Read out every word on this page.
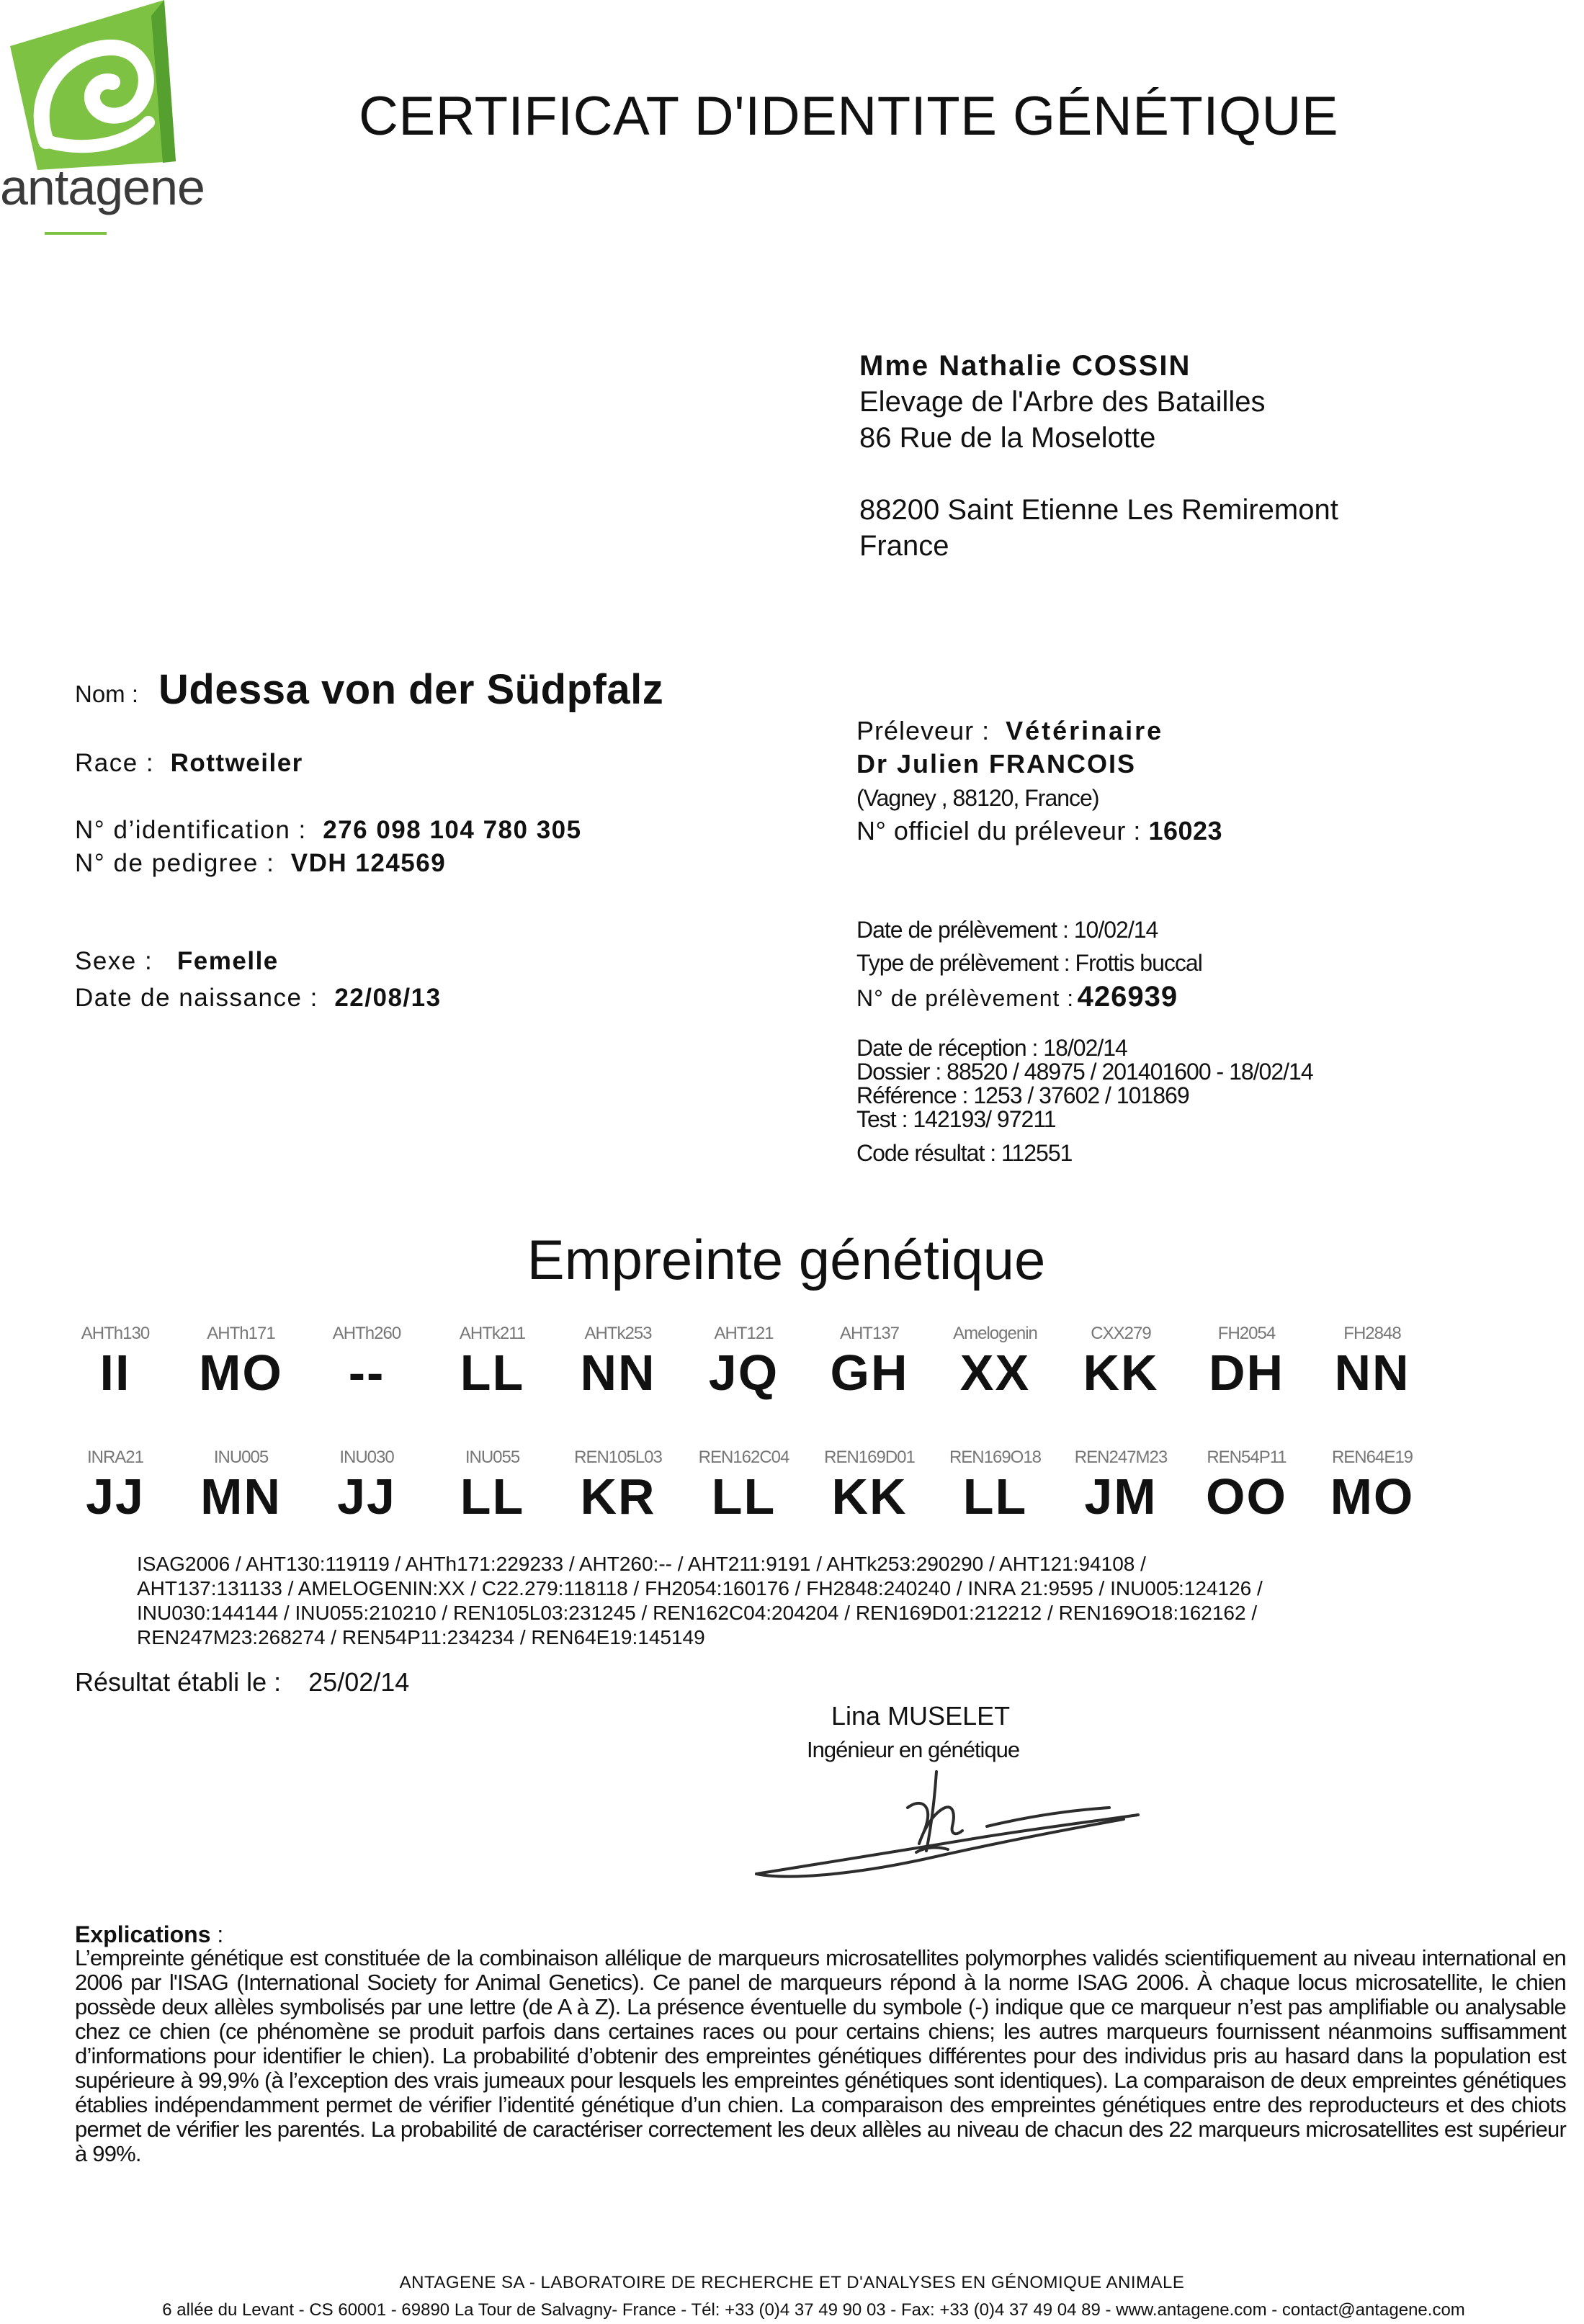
antagene
CERTIFICAT D'IDENTITE GÉNÉTIQUE
Mme Nathalie COSSIN
Elevage de l'Arbre des Batailles
86 Rue de la Moselotte
88200 Saint Etienne Les Remiremont
France
Nom : Udessa von der Südpfalz
Race : Rottweiler
N° d’identification : 276 098 104 780 305
N° de pedigree : VDH 124569
Sexe : Femelle
Date de naissance : 22/08/13
Préleveur : Vétérinaire
Dr Julien FRANCOIS
(Vagney , 88120, France)
N° officiel du préleveur : 16023
Date de prélèvement : 10/02/14
Type de prélèvement : Frottis buccal
N° de prélèvement : 426939
Date de réception : 18/02/14
Dossier : 88520 / 48975 / 201401600 - 18/02/14
Référence : 1253 / 37602 / 101869
Test : 142193/ 97211
Code résultat : 112551
Empreinte génétique
AHTh130
II
AHTh171
MO
AHTh260
--
AHTk211
LL
AHTk253
NN
AHT121
JQ
AHT137
GH
Amelogenin
XX
CXX279
KK
FH2054
DH
FH2848
NN
INRA21
JJ
INU005
MN
INU030
JJ
INU055
LL
REN105L03
KR
REN162C04
LL
REN169D01
KK
REN169O18
LL
REN247M23
JM
REN54P11
OO
REN64E19
MO
ISAG2006 / AHT130:119119 / AHTh171:229233 / AHT260:-- / AHT211:9191 / AHTk253:290290 / AHT121:94108 /
AHT137:131133 / AMELOGENIN:XX / C22.279:118118 / FH2054:160176 / FH2848:240240 / INRA 21:9595 / INU005:124126 /
INU030:144144 / INU055:210210 / REN105L03:231245 / REN162C04:204204 / REN169D01:212212 / REN169O18:162162 /
REN247M23:268274 / REN54P11:234234 / REN64E19:145149
Résultat établi le : 25/02/14
Lina MUSELET
Ingénieur en génétique
Explications :
L’empreinte génétique est constituée de la combinaison allélique de marqueurs microsatellites polymorphes validés scientifiquement au niveau international en 2006 par l'ISAG (International Society for Animal Genetics). Ce panel de marqueurs répond à la norme ISAG 2006. À chaque locus microsatellite, le chien possède deux allèles symbolisés par une lettre (de A à Z). La présence éventuelle du symbole (-) indique que ce marqueur n’est pas amplifiable ou analysable chez ce chien (ce phénomène se produit parfois dans certaines races ou pour certains chiens; les autres marqueurs fournissent néanmoins suffisamment d’informations pour identifier le chien). La probabilité d’obtenir des empreintes génétiques différentes pour des individus pris au hasard dans la population est supérieure à 99,9% (à l’exception des vrais jumeaux pour lesquels les empreintes génétiques sont identiques). La comparaison de deux empreintes génétiques établies indépendamment permet de vérifier l’identité génétique d’un chien. La comparaison des empreintes génétiques entre des reproducteurs et des chiots permet de vérifier les parentés. La probabilité de caractériser correctement les deux allèles au niveau de chacun des 22 marqueurs microsatellites est supérieur à 99%.
ANTAGENE SA - LABORATOIRE DE RECHERCHE ET D'ANALYSES EN GÉNOMIQUE ANIMALE
6 allée du Levant - CS 60001 - 69890 La Tour de Salvagny- France - Tél: +33 (0)4 37 49 90 03 - Fax: +33 (0)4 37 49 04 89 - www.antagene.com - contact@antagene.com
